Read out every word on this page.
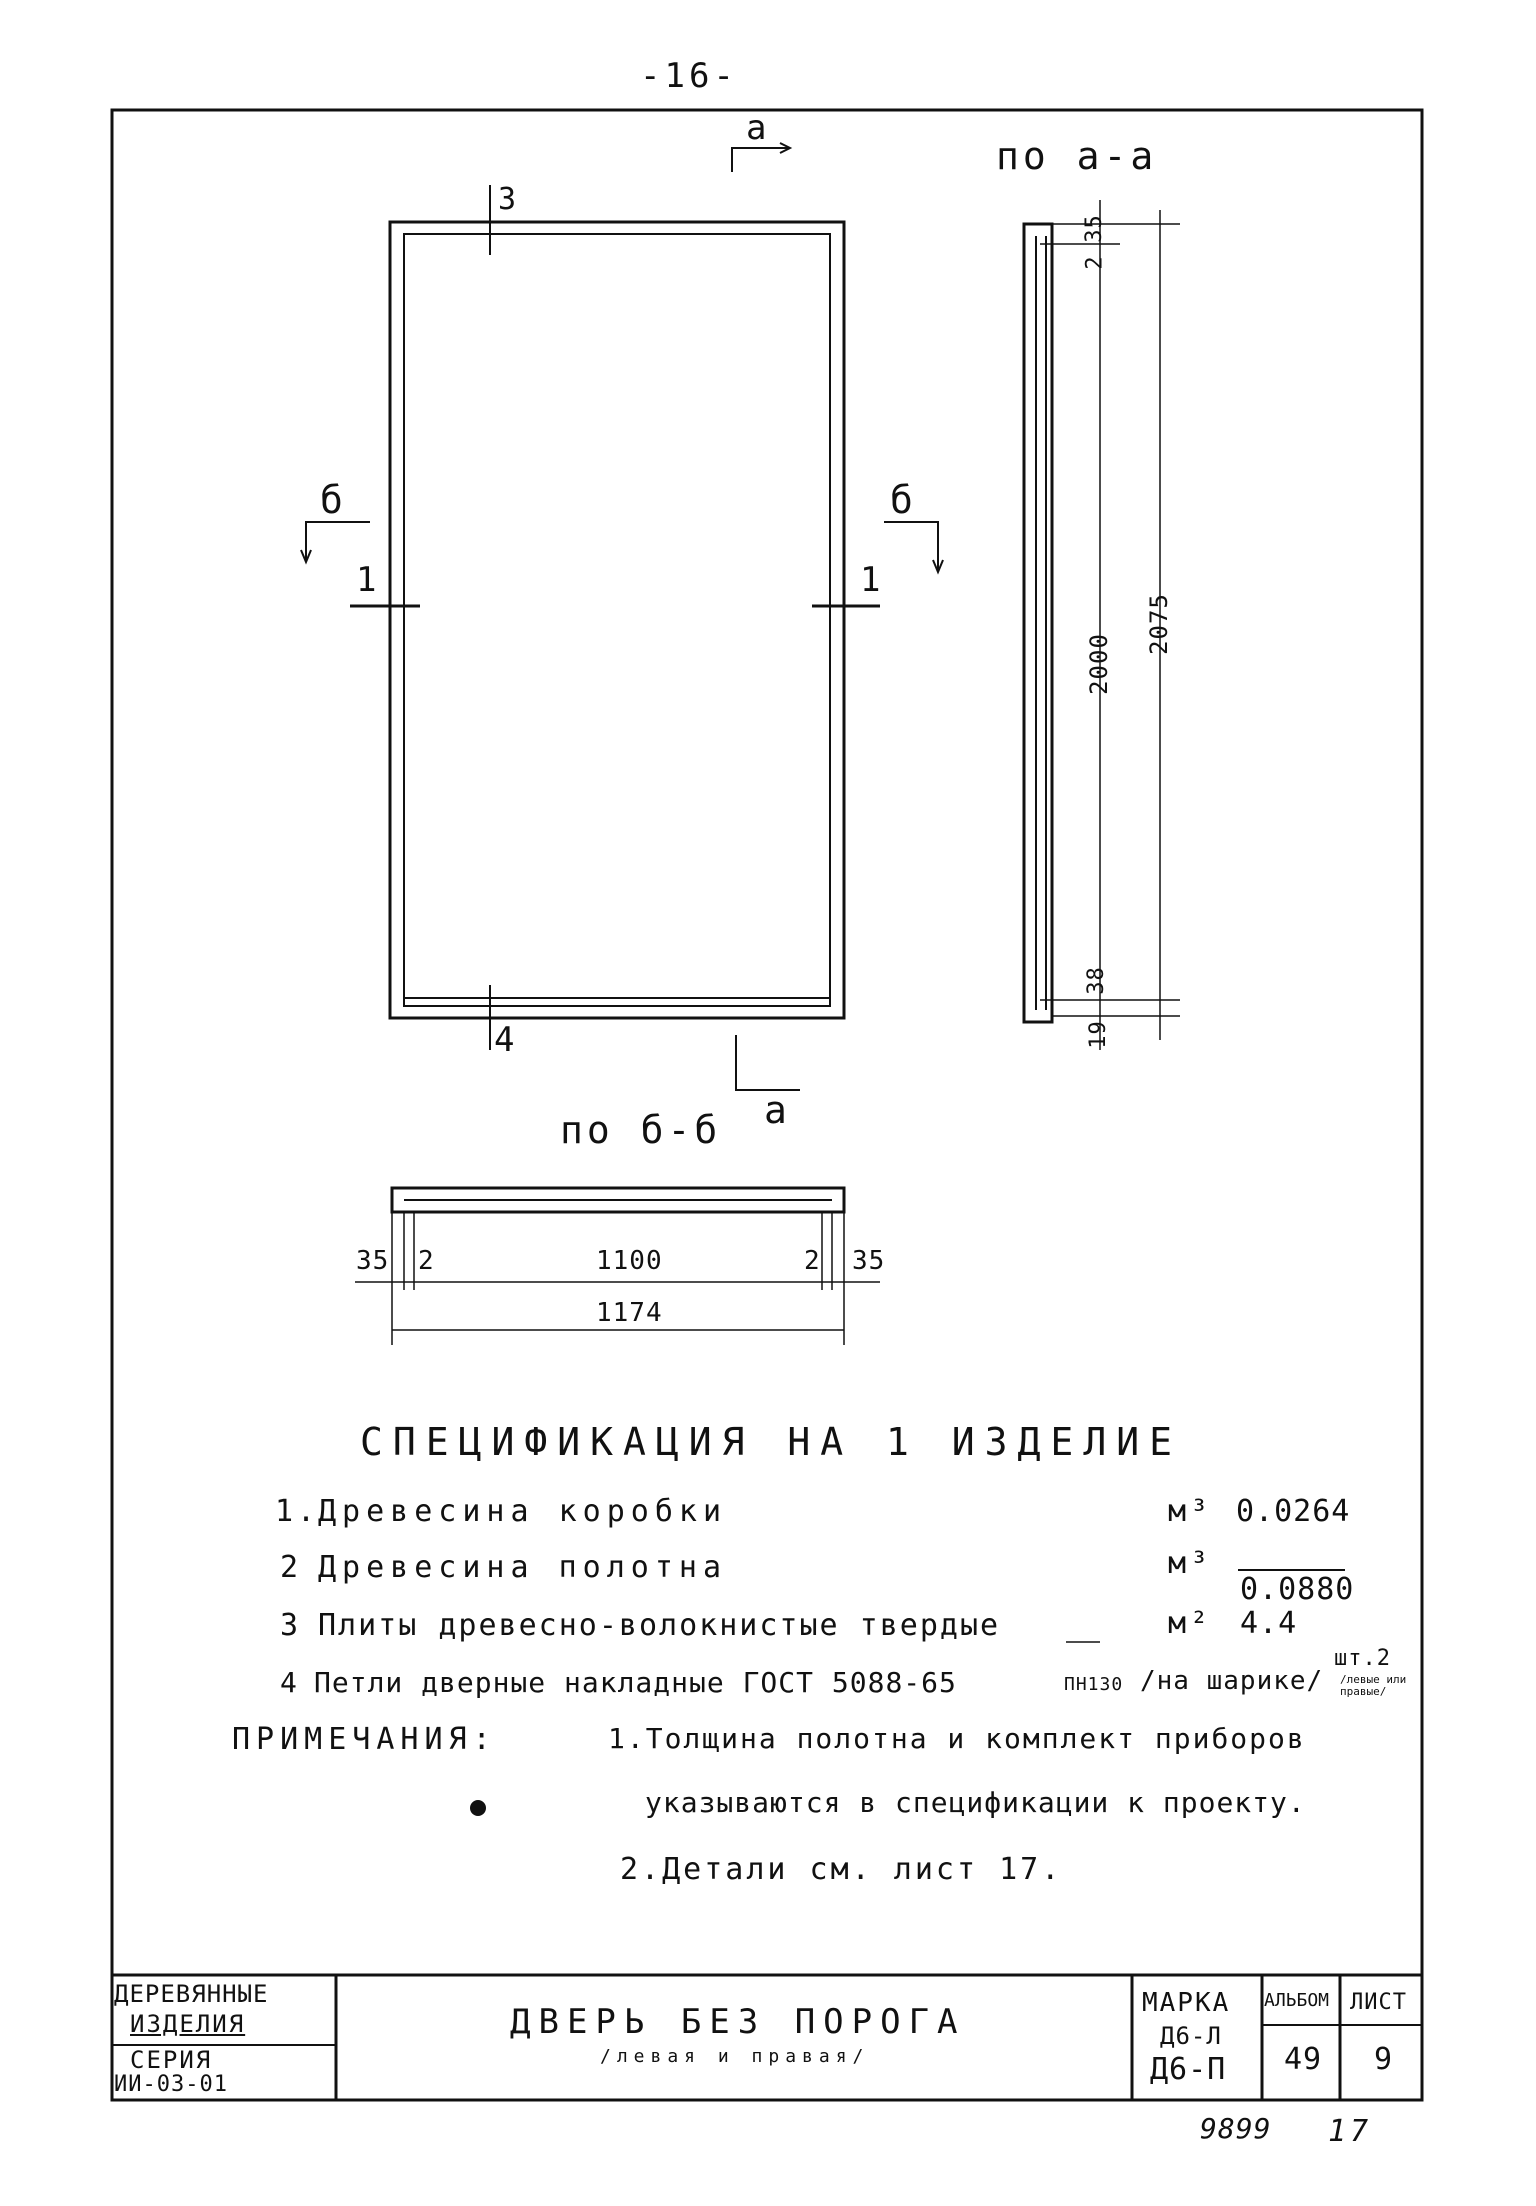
-16-
по а-а
по б-б
а
а
б	б
3
1	1
4
35
2
2000
2075
38
19
35 2	1100	2 35
1174
СПЕЦИФИКАЦИЯ НА 1 ИЗДЕЛИЕ
1.
Древесина коробки	м³ 0.0264
2 Древесина полотна	м³
0.0880
3 Плиты древесно-волокнистые твердые	м² 4.4
4 Петли дверные накладные ГОСТ 5088-65	ПН130 /на шарике/
шт.2
/левые или правые/
ПРИМЕЧАНИЯ:	1.Толщина полотна и комплект приборов
указываются в спецификации к проекту.
2.Детали см. лист 17.
ДЕРЕВЯННЫЕ
ИЗДЕЛИЯ
СЕРИЯ
ИИ-03-01
ДВЕРЬ БЕЗ ПОРОГА
/левая и правая/
МАРКА
Д6-Л
Д6-П
АЛЬБОМ
49
ЛИСТ
9
9899 17
